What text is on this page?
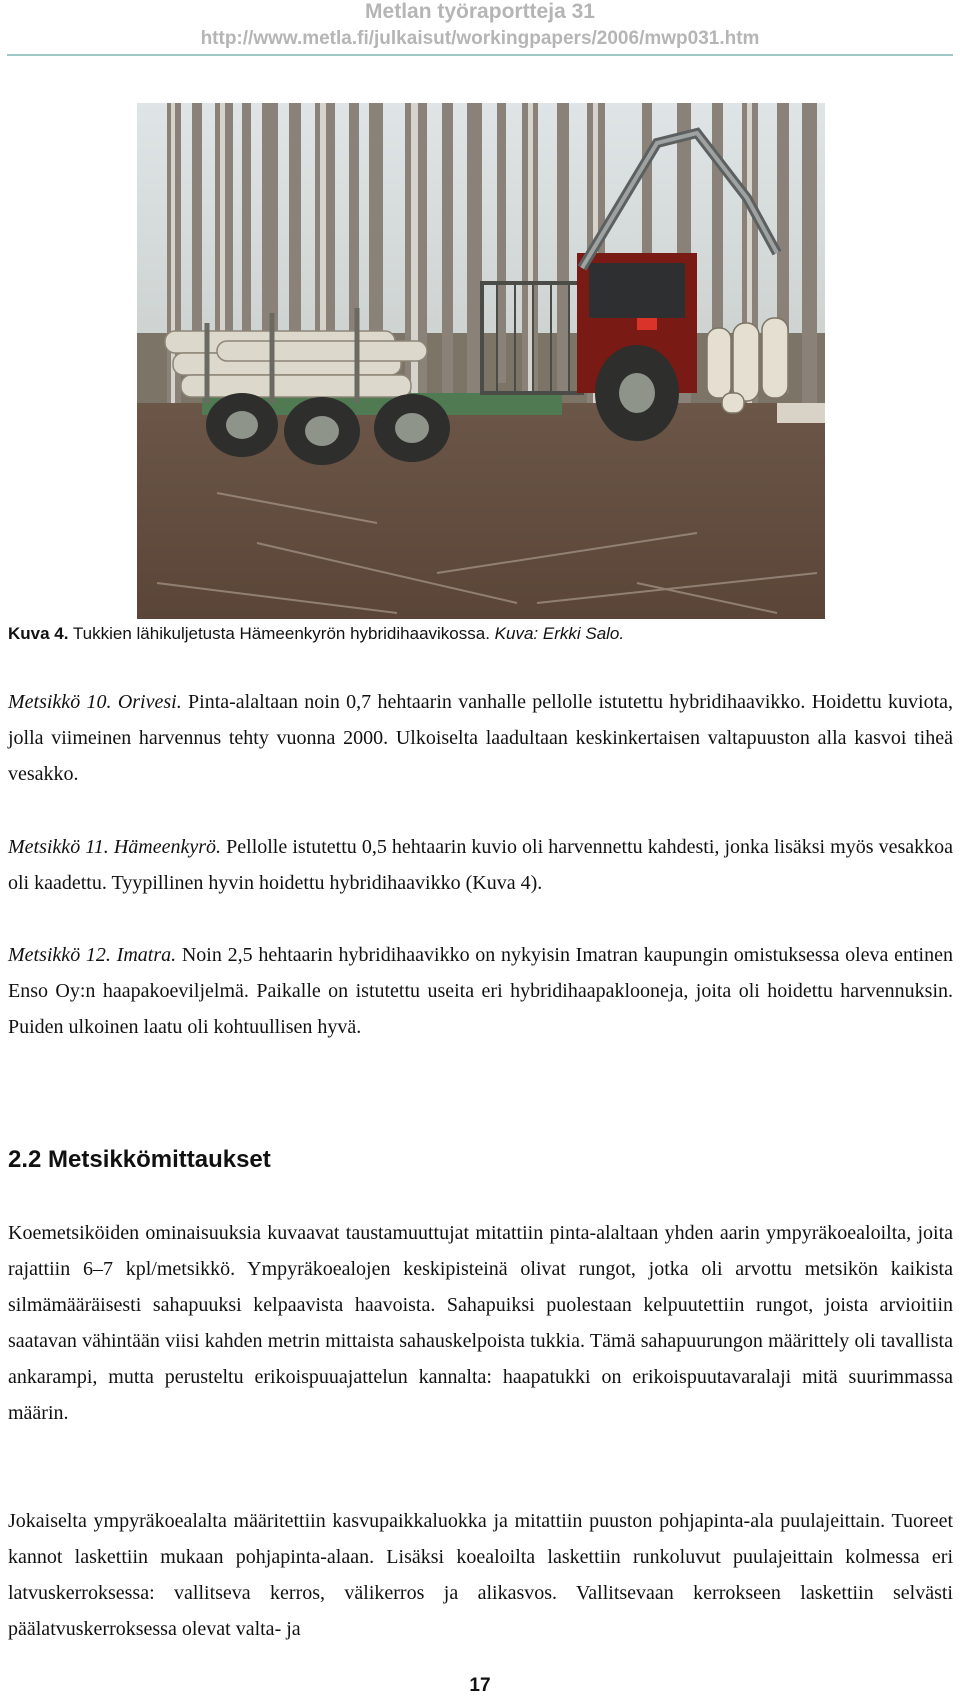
Metlan työraportteja 31
http://www.metla.fi/julkaisut/workingpapers/2006/mwp031.htm
Kuva 4. Tukkien lähikuljetusta Hämeenkyrön hybridihaavikossa. Kuva: Erkki Salo.

Metsikkö 10. Orivesi. Pinta-alaltaan noin 0,7 hehtaarin vanhalle pellolle istutettu hybridihaavikko. Hoidettu kuviota, jolla viimeinen harvennus tehty vuonna 2000. Ulkoiselta laadultaan keskinkertaisen valtapuuston alla kasvoi tiheä vesakko.

Metsikkö 11. Hämeenkyrö. Pellolle istutettu 0,5 hehtaarin kuvio oli harvennettu kahdesti, jonka lisäksi myös vesakkoa oli kaadettu. Tyypillinen hyvin hoidettu hybridihaavikko (Kuva 4).

Metsikkö 12. Imatra. Noin 2,5 hehtaarin hybridihaavikko on nykyisin Imatran kaupungin omistuksessa oleva entinen Enso Oy:n haapakoeviljelmä. Paikalle on istutettu useita eri hybridihaapaklooneja, joita oli hoidettu harvennuksin. Puiden ulkoinen laatu oli kohtuullisen hyvä.

2.2 Metsikkömittaukset

Koemetsiköiden ominaisuuksia kuvaavat taustamuuttujat mitattiin pinta-alaltaan yhden aarin ympyräkoealoilta, joita rajattiin 6–7 kpl/metsikkö. Ympyräkoealojen keskipisteinä olivat rungot, jotka oli arvottu metsikön kaikista silmämääräisesti sahapuuksi kelpaavista haavoista. Sahapuiksi puolestaan kelpuutettiin rungot, joista arvioitiin saatavan vähintään viisi kahden metrin mittaista sahauskelpoista tukkia. Tämä sahapuurungon määrittely oli tavallista ankarampi, mutta perusteltu erikoispuuajattelun kannalta: haapatukki on erikoispuutavaralaji mitä suurimmassa määrin.

Jokaiselta ympyräkoealalta määritettiin kasvupaikkaluokka ja mitattiin puuston pohjapinta-ala puulajeittain. Tuoreet kannot laskettiin mukaan pohjapinta-alaan. Lisäksi koealoilta laskettiin runkoluvut puulajeittain kolmessa eri latvuskerroksessa: vallitseva kerros, välikerros ja alikasvos. Vallitsevaan kerrokseen laskettiin selvästi päälatvuskerroksessa olevat valta- ja

17
